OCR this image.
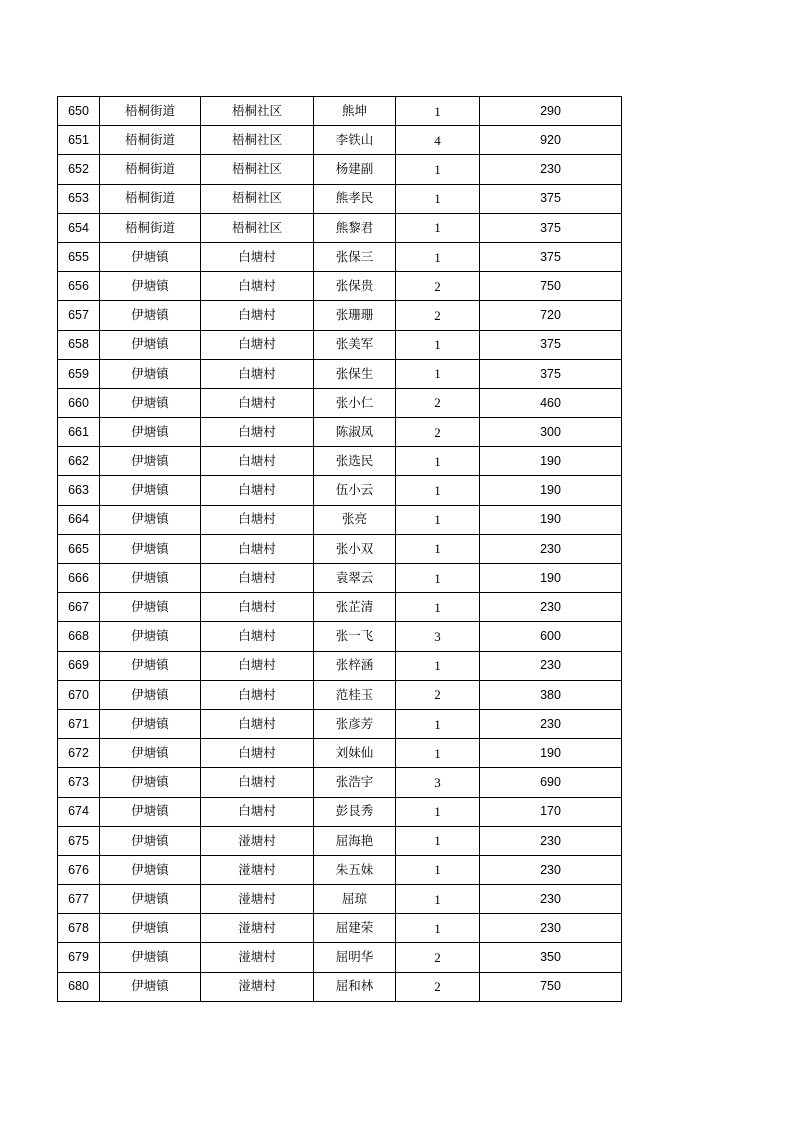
650	梧桐街道	梧桐社区	熊坤	1	290
651	梧桐街道	梧桐社区	李铁山	4	920
652	梧桐街道	梧桐社区	杨建副	1	230
653	梧桐街道	梧桐社区	熊孝民	1	375
654	梧桐街道	梧桐社区	熊黎君	1	375
655	伊塘镇	白塘村	张保三	1	375
656	伊塘镇	白塘村	张保贵	2	750
657	伊塘镇	白塘村	张珊珊	2	720
658	伊塘镇	白塘村	张美军	1	375
659	伊塘镇	白塘村	张保生	1	375
660	伊塘镇	白塘村	张小仁	2	460
661	伊塘镇	白塘村	陈淑凤	2	300
662	伊塘镇	白塘村	张选民	1	190
663	伊塘镇	白塘村	伍小云	1	190
664	伊塘镇	白塘村	张亮	1	190
665	伊塘镇	白塘村	张小双	1	230
666	伊塘镇	白塘村	袁翠云	1	190
667	伊塘镇	白塘村	张芷清	1	230
668	伊塘镇	白塘村	张一飞	3	600
669	伊塘镇	白塘村	张梓涵	1	230
670	伊塘镇	白塘村	范桂玉	2	380
671	伊塘镇	白塘村	张彦芳	1	230
672	伊塘镇	白塘村	刘妹仙	1	190
673	伊塘镇	白塘村	张浩宇	3	690
674	伊塘镇	白塘村	彭艮秀	1	170
675	伊塘镇	湴塘村	屈海艳	1	230
676	伊塘镇	湴塘村	朱五妹	1	230
677	伊塘镇	湴塘村	屈琼	1	230
678	伊塘镇	湴塘村	屈建荣	1	230
679	伊塘镇	湴塘村	屈明华	2	350
680	伊塘镇	湴塘村	屈和林	2	750
